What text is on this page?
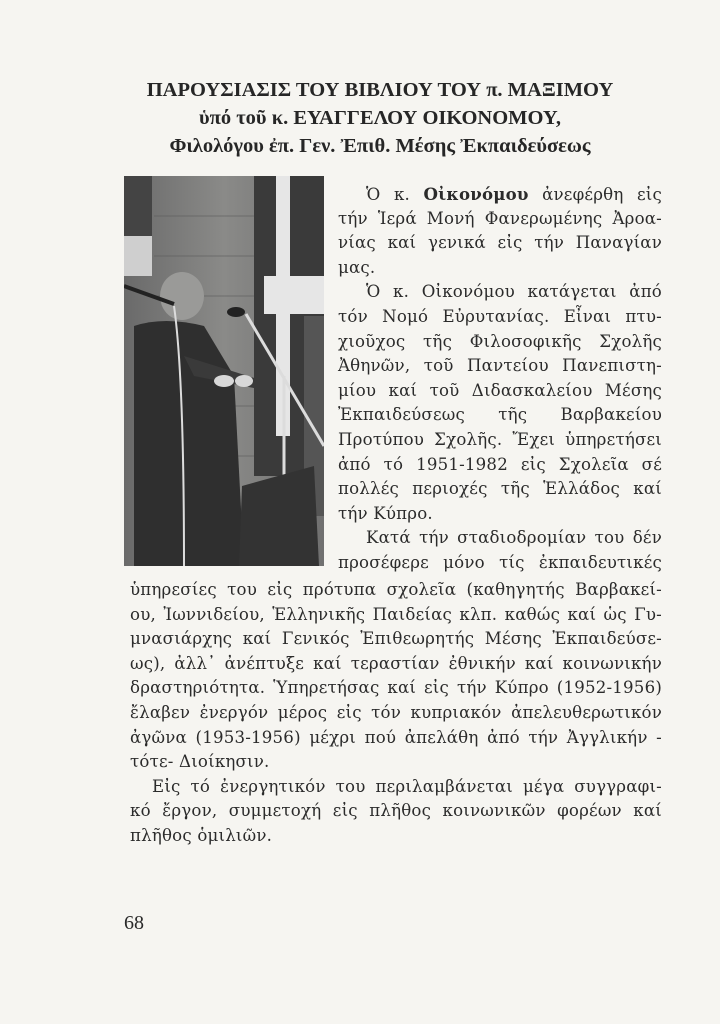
ΠΑΡΟΥΣΙΑΣΙΣ ΤΟΥ ΒΙΒΛΙΟΥ ΤΟΥ π. ΜΑΞΙΜΟΥ
ὑπό τοῦ κ. ΕΥΑΓΓΕΛΟΥ ΟΙΚΟΝΟΜΟΥ,
Φιλολόγου ἐπ. Γεν. Ἐπιθ. Μέσης Ἐκπαιδεύσεως
Ὁ κ. Οἰκονόμου ἀνεφέρθη εἰς
τήν Ἱερά Μονή Φανερωμένης Ἀροα-
νίας καί γενικά εἰς τήν Παναγίαν
μας.
Ὁ κ. Οἰκονόμου κατάγεται ἀπό
τόν Νομό Εὐρυτανίας. Εἶναι πτυ-
χιοῦχος τῆς Φιλοσοφικῆς Σχολῆς
Ἀθηνῶν, τοῦ Παντείου Πανεπιστη-
μίου καί τοῦ Διδασκαλείου Μέσης
Ἐκπαιδεύσεως τῆς Βαρβακείου
Προτύπου Σχολῆς. Ἔχει ὑπηρετήσει
ἀπό τό 1951-1982 εἰς Σχολεῖα σέ
πολλές περιοχές τῆς Ἑλλάδος καί
τήν Κύπρο.
Κατά τήν σταδιοδρομίαν του δέν
προσέφερε μόνο τίς ἐκπαιδευτικές
ὑπηρεσίες του εἰς πρότυπα σχολεῖα (καθηγητής Βαρβακεί-
ου, Ἰωννιδείου, Ἑλληνικῆς Παιδείας κλπ. καθώς καί ὡς Γυ-
μνασιάρχης καί Γενικός Ἐπιθεωρητής Μέσης Ἐκπαιδεύσε-
ως), ἀλλ᾽ ἀνέπτυξε καί τεραστίαν ἐθνικήν καί κοινωνικήν
δραστηριότητα. Ὑπηρετήσας καί εἰς τήν Κύπρο (1952-1956)
ἔλαβεν ἐνεργόν μέρος εἰς τόν κυπριακόν ἀπελευθερωτικόν
ἀγῶνα (1953-1956) μέχρι πού ἀπελάθη ἀπό τήν Ἀγγλικήν -
τότε- Διοίκησιν.
Εἰς τό ἐνεργητικόν του περιλαμβάνεται μέγα συγγραφι-
κό ἔργον, συμμετοχή εἰς πλῆθος κοινωνικῶν φορέων καί
πλῆθος ὁμιλιῶν.
68
